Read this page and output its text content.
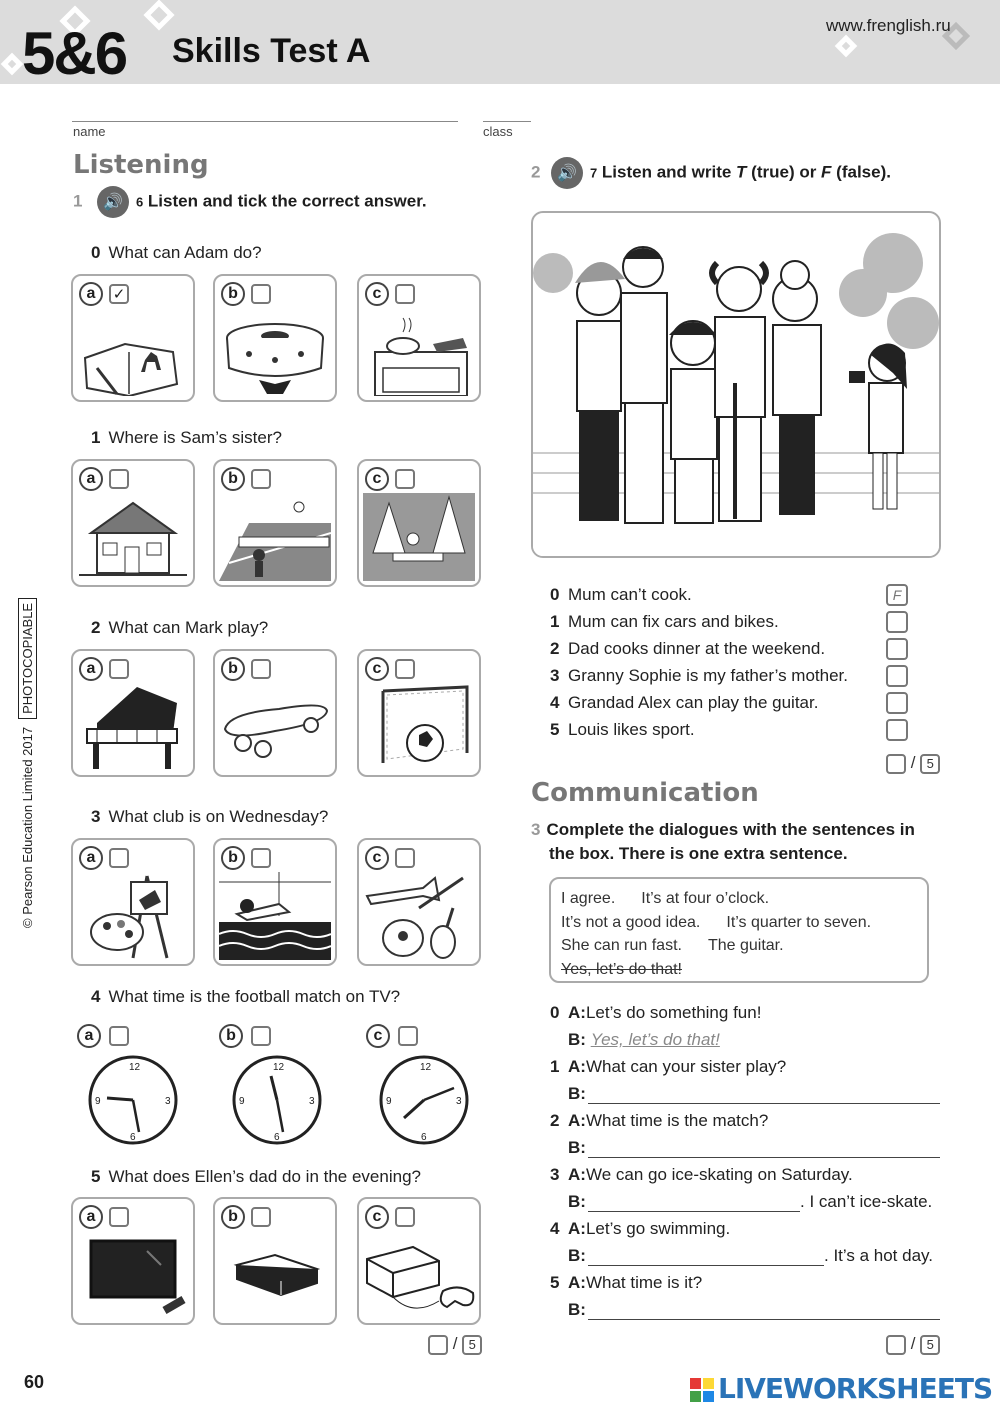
5&6 Skills Test A
www.frenglish.ru
name	class
© Pearson Education Limited 2017PHOTOCOPIABLE
Listening
1 🔊 6 Listen and tick the correct answer.
0 What can Adam do?
a	✓	b	c
1 Where is Sam’s sister?
a	b	c
2 What can Mark play?
a	b	c
3 What club is on Wednesday?
a	b	c
4 What time is the football match on TV?
a
12
3
6
9
b
12
3
6
9
c
12
3
6
9
5 What does Ellen’s dad do in the evening?
a	b	c
/ 5
2 🔊 7 Listen and write T (true) or F (false).
0 Mum can’t cook.	F
1 Mum can fix cars and bikes.
2 Dad cooks dinner at the weekend.
3 Granny Sophie is my father’s mother.
4 Grandad Alex can play the guitar.
5 Louis likes sport.
/ 5
Communication
3 Complete the dialogues with the sentences in
the box. There is one extra sentence.
I agree. It’s at four o’clock.
It’s not a good idea. It’s quarter to seven.
She can run fast. The guitar.
Yes, let’s do that!
0 A:Let’s do something fun!
B: Yes, let’s do that!
1 A:What can your sister play?
B:
2 A:What time is the match?
B:
3 A:We can go ice-skating on Saturday.
B:	. I can’t ice-skate.
4 A:Let’s go swimming.
B:	. It’s a hot day.
5 A:What time is it?
B:
/ 5
60	LIVEWORKSHEETS
